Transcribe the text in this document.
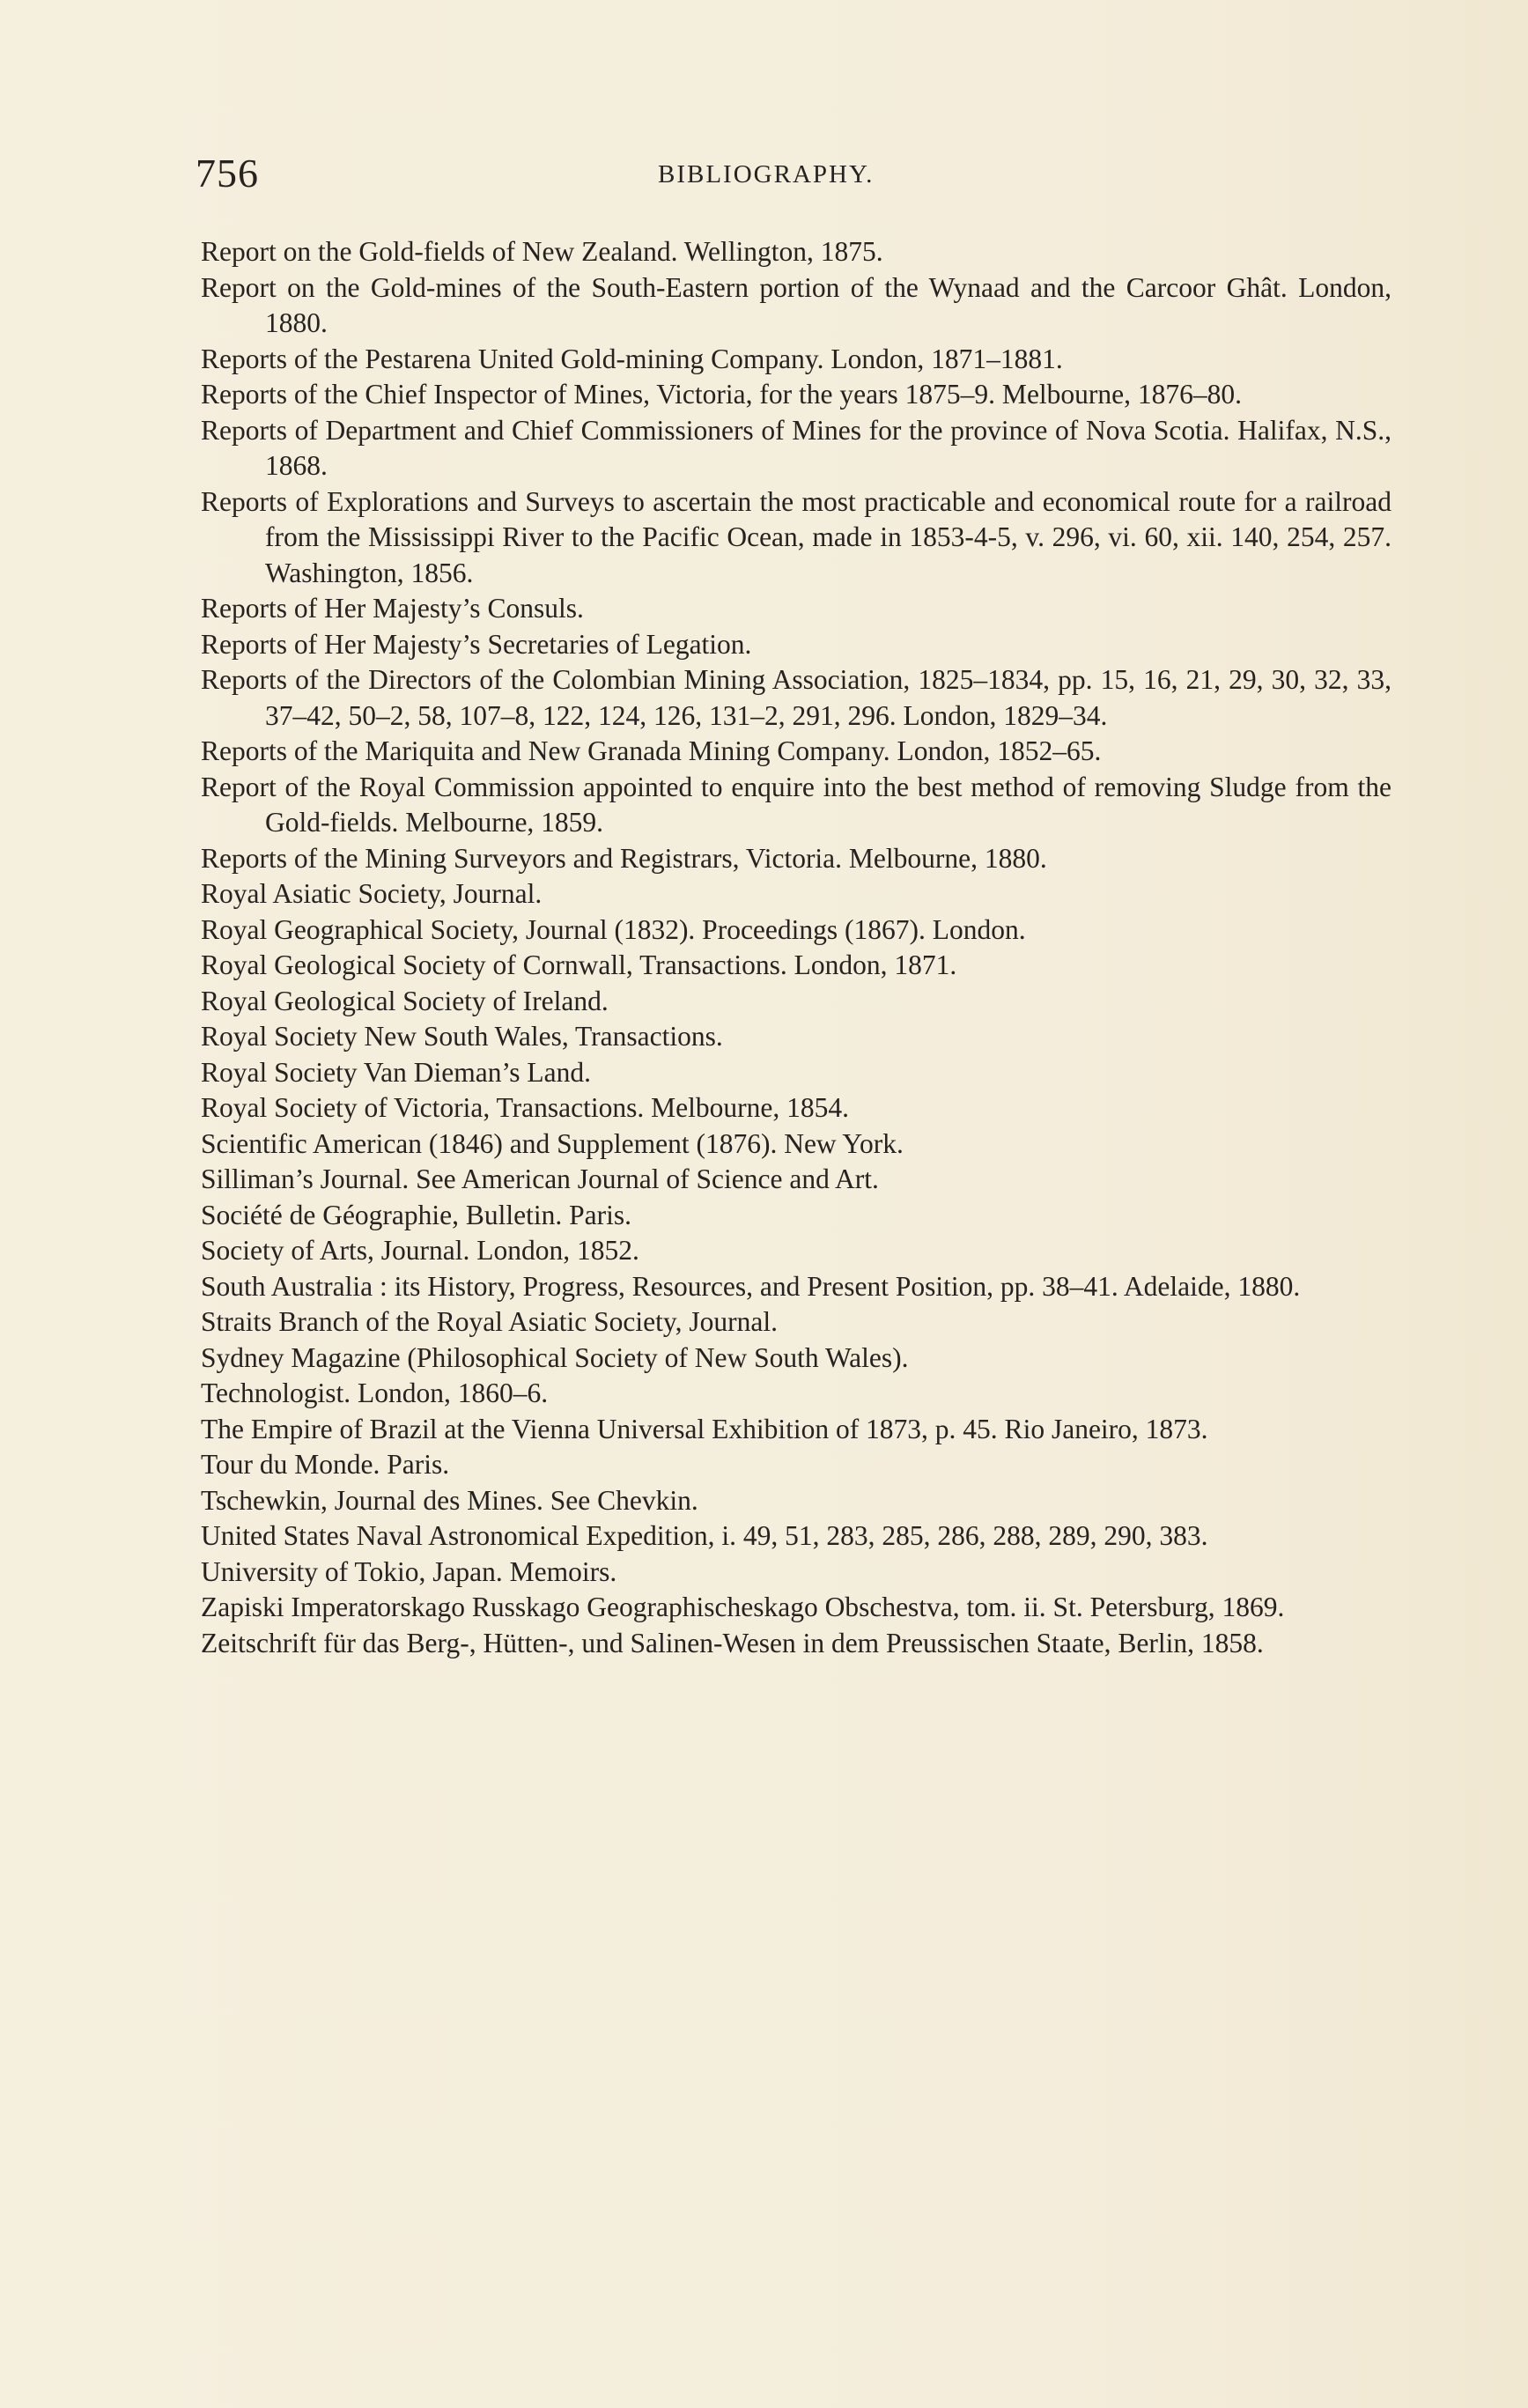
756	BIBLIOGRAPHY.

Report on the Gold-fields of New Zealand. Wellington, 1875.

Report on the Gold-mines of the South-Eastern portion of the Wynaad and the Carcoor Ghât. London, 1880.

Reports of the Pestarena United Gold-mining Company. London, 1871–1881.

Reports of the Chief Inspector of Mines, Victoria, for the years 1875–9. Melbourne, 1876–80.

Reports of Department and Chief Commissioners of Mines for the province of Nova Scotia. Halifax, N.S., 1868.

Reports of Explorations and Surveys to ascertain the most practicable and economical route for a railroad from the Mississippi River to the Pacific Ocean, made in 1853-4-5, v. 296, vi. 60, xii. 140, 254, 257. Washington, 1856.

Reports of Her Majesty’s Consuls.

Reports of Her Majesty’s Secretaries of Legation.

Reports of the Directors of the Colombian Mining Association, 1825–1834, pp. 15, 16, 21, 29, 30, 32, 33, 37–42, 50–2, 58, 107–8, 122, 124, 126, 131–2, 291, 296. London, 1829–34.

Reports of the Mariquita and New Granada Mining Company. London, 1852–65.

Report of the Royal Commission appointed to enquire into the best method of removing Sludge from the Gold-fields. Melbourne, 1859.

Reports of the Mining Surveyors and Registrars, Victoria. Melbourne, 1880.

Royal Asiatic Society, Journal.

Royal Geographical Society, Journal (1832). Proceedings (1867). London.

Royal Geological Society of Cornwall, Transactions. London, 1871.

Royal Geological Society of Ireland.

Royal Society New South Wales, Transactions.

Royal Society Van Dieman’s Land.

Royal Society of Victoria, Transactions. Melbourne, 1854.

Scientific American (1846) and Supplement (1876). New York.

Silliman’s Journal. See American Journal of Science and Art.

Société de Géographie, Bulletin. Paris.

Society of Arts, Journal. London, 1852.

South Australia : its History, Progress, Resources, and Present Position, pp. 38–41. Adelaide, 1880.

Straits Branch of the Royal Asiatic Society, Journal.

Sydney Magazine (Philosophical Society of New South Wales).

Technologist. London, 1860–6.

The Empire of Brazil at the Vienna Universal Exhibition of 1873, p. 45. Rio Janeiro, 1873.

Tour du Monde. Paris.

Tschewkin, Journal des Mines. See Chevkin.

United States Naval Astronomical Expedition, i. 49, 51, 283, 285, 286, 288, 289, 290, 383.

University of Tokio, Japan. Memoirs.

Zapiski Imperatorskago Russkago Geographischeskago Obschestva, tom. ii. St. Petersburg, 1869.

Zeitschrift für das Berg-, Hütten-, und Salinen-Wesen in dem Preussischen Staate, Berlin, 1858.
